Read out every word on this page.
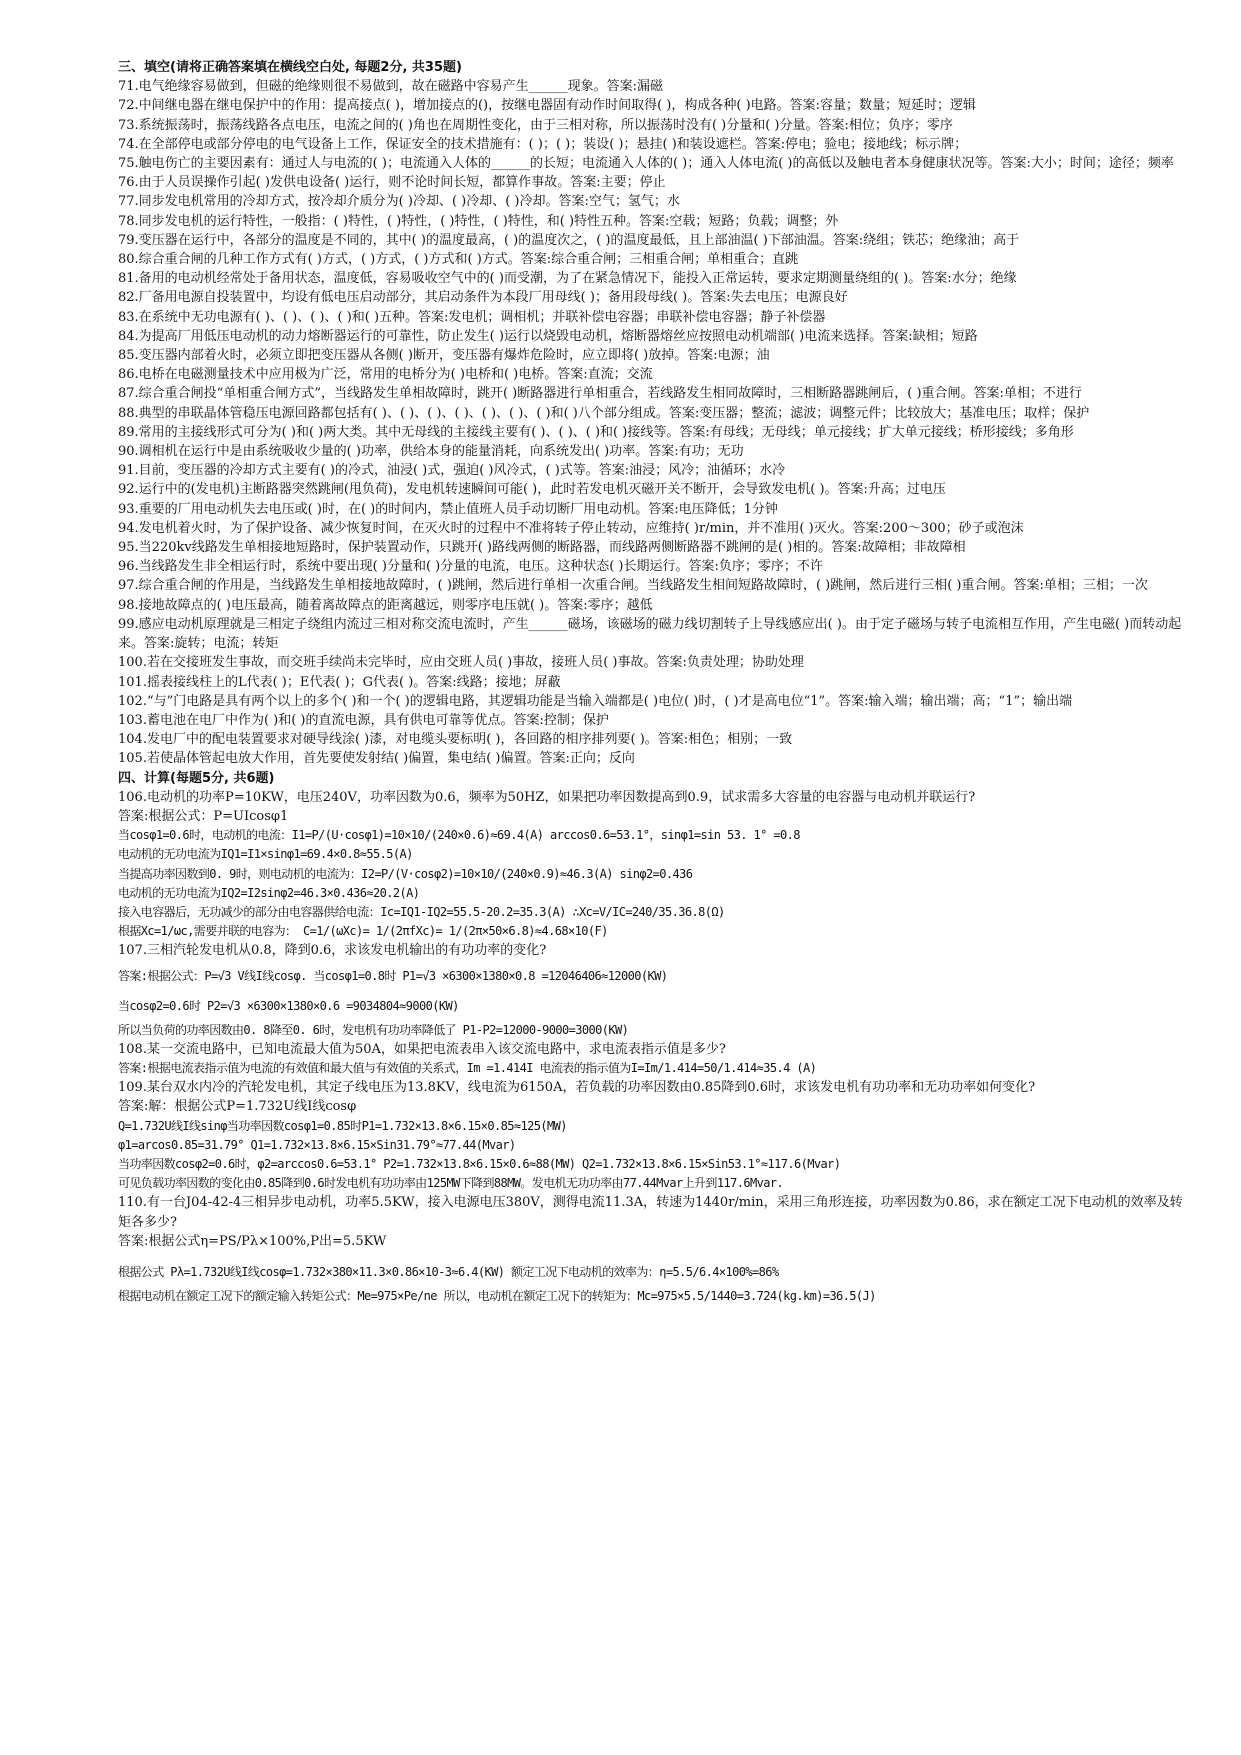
三、填空(请将正确答案填在横线空白处, 每题2分, 共35题)
71.电气绝缘容易做到，但磁的绝缘则很不易做到，故在磁路中容易产生______现象。答案:漏磁
72.中间继电器在继电保护中的作用：提高接点( )，增加接点的()，按继电器固有动作时间取得( )，构成各种( )电路。答案:容量；数量；短延时；逻辑
73.系统振荡时，振荡线路各点电压，电流之间的( )角也在周期性变化，由于三相对称，所以振荡时没有( )分量和( )分量。答案:相位；负序；零序
74.在全部停电或部分停电的电气设备上工作，保证安全的技术措施有：( )；( )；装设( )；悬挂( )和装设遮栏。答案:停电；验电；接地线；标示牌；
75.触电伤亡的主要因素有：通过人与电流的( )；电流通入人体的______的长短；电流通入人体的( )；通入人体电流( )的高低以及触电者本身健康状况等。答案:大小；时间；途径；频率
76.由于人员误操作引起( )发供电设备( )运行，则不论时间长短，都算作事故。答案:主要；停止
77.同步发电机常用的冷却方式，按冷却介质分为( )冷却、( )冷却、( )冷却。答案:空气；氢气；水
78.同步发电机的运行特性，一般指：( )特性，( )特性，( )特性，( )特性，和( )特性五种。答案:空载；短路；负载；调整；外
79.变压器在运行中，各部分的温度是不同的，其中( )的温度最高，( )的温度次之，( )的温度最低，且上部油温( )下部油温。答案:绕组；铁芯；绝缘油；高于
80.综合重合闸的几种工作方式有( )方式，( )方式，( )方式和( )方式。答案:综合重合闸；三相重合闸；单相重合；直跳
81.备用的电动机经常处于备用状态，温度低，容易吸收空气中的( )而受潮，为了在紧急情况下，能投入正常运转，要求定期测量绕组的( )。答案:水分；绝缘
82.厂备用电源自投装置中，均设有低电压启动部分，其启动条件为本段厂用母线( )；备用段母线( )。答案:失去电压；电源良好
83.在系统中无功电源有( )、( )、( )、( )和( )五种。答案:发电机；调相机；并联补偿电容器；串联补偿电容器；静子补偿器
84.为提高厂用低压电动机的动力熔断器运行的可靠性，防止发生( )运行以烧毁电动机，熔断器熔丝应按照电动机端部( )电流来选择。答案:缺相；短路
85.变压器内部着火时，必须立即把变压器从各侧( )断开，变压器有爆炸危险时，应立即将( )放掉。答案:电源；油
86.电桥在电磁测量技术中应用极为广泛，常用的电桥分为( )电桥和( )电桥。答案:直流；交流
87.综合重合闸投“单相重合闸方式”，当线路发生单相故障时，跳开( )断路器进行单相重合，若线路发生相同故障时，三相断路器跳闸后，( )重合闸。答案:单相；不进行
88.典型的串联晶体管稳压电源回路都包括有( )、( )、( )、( )、( )、( )、( )和( )八个部分组成。答案:变压器；整流；滤波；调整元件；比较放大；基准电压；取样；保护
89.常用的主接线形式可分为( )和( )两大类。其中无母线的主接线主要有( )、( )、( )和( )接线等。答案:有母线；无母线；单元接线；扩大单元接线；桥形接线；多角形
90.调相机在运行中是由系统吸收少量的( )功率，供给本身的能量消耗，向系统发出( )功率。答案:有功；无功
91.目前，变压器的冷却方式主要有( )的冷式，油浸( )式，强迫( )风冷式，( )式等。答案:油浸；风冷；油循环；水冷
92.运行中的(发电机)主断路器突然跳闸(甩负荷)，发电机转速瞬间可能( )，此时若发电机灭磁开关不断开，会导致发电机( )。答案:升高；过电压
93.重要的厂用电动机失去电压或( )时，在( )的时间内，禁止值班人员手动切断厂用电动机。答案:电压降低；1分钟
94.发电机着火时，为了保护设备、减少恢复时间，在灭火时的过程中不准将转子停止转动，应维持( )r/min，并不准用( )灭火。答案:200～300；砂子或泡沫
95.当220kv线路发生单相接地短路时，保护装置动作，只跳开( )路线两侧的断路器，而线路两侧断路器不跳闸的是( )相的。答案:故障相；非故障相
96.当线路发生非全相运行时，系统中要出现( )分量和( )分量的电流，电压。这种状态( )长期运行。答案:负序；零序；不许
97.综合重合闸的作用是，当线路发生单相接地故障时，( )跳闸，然后进行单相一次重合闸。当线路发生相间短路故障时，( )跳闸，然后进行三相( )重合闸。答案:单相；三相；一次
98.接地故障点的( )电压最高，随着离故障点的距离越远，则零序电压就( )。答案:零序；越低
99.感应电动机原理就是三相定子绕组内流过三相对称交流电流时，产生______磁场，该磁场的磁力线切割转子上导线感应出( )。由于定子磁场与转子电流相互作用，产生电磁( )而转动起来。答案:旋转；电流；转矩
100.若在交接班发生事故，而交班手续尚未完毕时，应由交班人员( )事故，接班人员( )事故。答案:负责处理；协助处理
101.摇表接线柱上的L代表( )；E代表( )；G代表( )。答案:线路；接地；屏蔽
102.“与”门电路是具有两个以上的多个( )和一个( )的逻辑电路，其逻辑功能是当输入端都是( )电位( )时，( )才是高电位“1”。答案:输入端；输出端；高；“1”；输出端
103.蓄电池在电厂中作为( )和( )的直流电源，具有供电可靠等优点。答案:控制；保护
104.发电厂中的配电装置要求对硬导线涂( )漆，对电缆头要标明( )，各回路的相序排列要( )。答案:相色；相别；一致
105.若使晶体管起电放大作用，首先要使发射结( )偏置，集电结( )偏置。答案:正向；反向
四、计算(每题5分, 共6题)
106.电动机的功率P=10KW，电压240V，功率因数为0.6，频率为50HZ，如果把功率因数提高到0.9，试求需多大容量的电容器与电动机并联运行?
答案:根据公式：P=UIcosφ1
当cosφ1=0.6时，电动机的电流：I1=P/(U·cosφ1)=10×10/(240×0.6)≈69.4(A) arccos0.6=53.1°，sinφ1=sin 53. 1° =0.8
电动机的无功电流为IQ1=I1×sinφ1=69.4×0.8≈55.5(A)
当提高功率因数到0. 9时，则电动机的电流为：I2=P/(V·cosφ2)=10×10/(240×0.9)≈46.3(A) sinφ2=0.436
电动机的无功电流为IQ2=I2sinφ2=46.3×0.436≈20.2(A)
接入电容器后，无功减少的部分由电容器供给电流：Ic=IQ1-IQ2=55.5-20.2=35.3(A) ∴Xc=V/IC=240/35.36.8(Ω)
根据Xc=1/ωc,需要并联的电容为： C=1/(ωXc)= 1/(2πfXc)= 1/(2π×50×6.8)≈4.68×10(F)
107.三相汽轮发电机从0.8，降到0.6，求该发电机输出的有功功率的变化?
答案:根据公式：P=√3 V线I线cosφ. 当cosφ1=0.8时 P1=√3 ×6300×1380×0.8 =12046406≈12000(KW)
当cosφ2=0.6时 P2=√3 ×6300×1380×0.6 =9034804≈9000(KW)
所以当负荷的功率因数由0. 8降至0. 6时，发电机有功功率降低了 P1-P2=12000-9000=3000(KW)
108.某一交流电路中，已知电流最大值为50A，如果把电流表串入该交流电路中，求电流表指示值是多少?
答案:根据电流表指示值为电流的有效值和最大值与有效值的关系式，Im =1.414I 电流表的指示值为I=Im/1.414=50/1.414≈35.4 (A)
109.某台双水内冷的汽轮发电机，其定子线电压为13.8KV，线电流为6150A，若负载的功率因数由0.85降到0.6时，求该发电机有功功率和无功功率如何变化?
答案:解：根据公式P=1.732U线I线cosφ
Q=1.732U线I线sinφ当功率因数cosφ1=0.85时P1=1.732×13.8×6.15×0.85≈125(MW)
φ1=arcos0.85=31.79° Q1=1.732×13.8×6.15×Sin31.79°≈77.44(Mvar)
当功率因数cosφ2=0.6时，φ2=arccos0.6=53.1° P2=1.732×13.8×6.15×0.6≈88(MW) Q2=1.732×13.8×6.15×Sin53.1°≈117.6(Mvar)
可见负载功率因数的变化由0.85降到0.6时发电机有功功率由125MW下降到88MW。发电机无功功率由77.44Mvar上升到117.6Mvar.
110.有一台J04-42-4三相异步电动机，功率5.5KW，接入电源电压380V，测得电流11.3A，转速为1440r/min，采用三角形连接，功率因数为0.86，求在额定工况下电动机的效率及转矩各多少?
答案:根据公式η=PS/Pλ×100%,P出=5.5KW
根据公式 Pλ=1.732U线I线cosφ=1.732×380×11.3×0.86×10-3≈6.4(KW) 额定工况下电动机的效率为：η=5.5/6.4×100%=86%
根据电动机在额定工况下的额定输入转矩公式：Me=975×Pe/ne 所以，电动机在额定工况下的转矩为：Mc=975×5.5/1440=3.724(kg.km)=36.5(J)
